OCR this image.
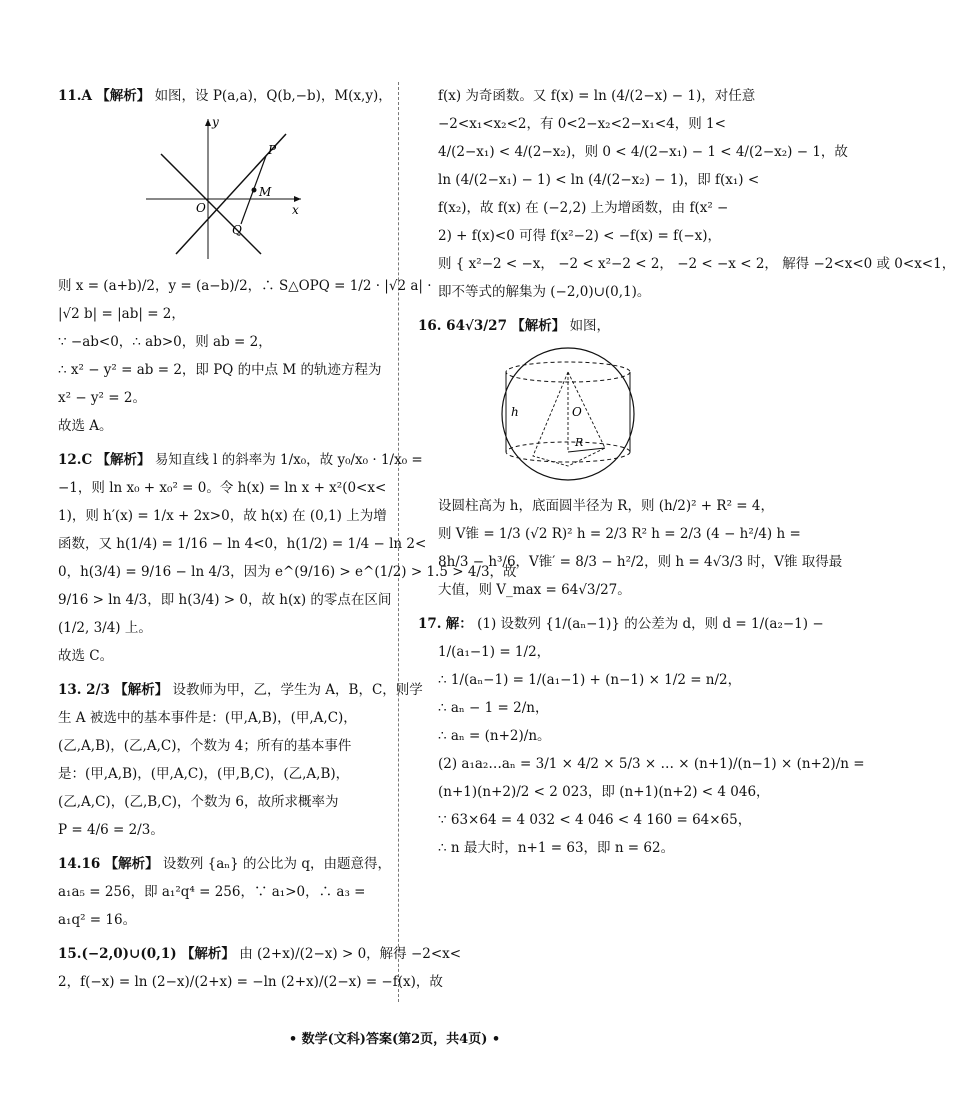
11.A 【解析】 如图，设 P(a,a)，Q(b,−b)，M(x,y)，
y
x
O
P
M
Q
则 x = (a+b)/2，y = (a−b)/2，∴ S△OPQ = 1/2 · |√2 a| ·
|√2 b| = |ab| = 2，
∵ −ab<0，∴ ab>0，则 ab = 2，
∴ x² − y² = ab = 2，即 PQ 的中点 M 的轨迹方程为
x² − y² = 2。
故选 A。
12.C 【解析】 易知直线 l 的斜率为 1/x₀，故 y₀/x₀ · 1/x₀ =
−1，则 ln x₀ + x₀² = 0。令 h(x) = ln x + x²(0<x<
1)，则 h′(x) = 1/x + 2x>0，故 h(x) 在 (0,1) 上为增
函数，又 h(1/4) = 1/16 − ln 4<0，h(1/2) = 1/4 − ln 2<
0，h(3/4) = 9/16 − ln 4/3，因为 e^(9/16) > e^(1/2) > 1.5 > 4/3，故
9/16 > ln 4/3，即 h(3/4) > 0，故 h(x) 的零点在区间
(1/2, 3/4) 上。
故选 C。
13. 2/3 【解析】 设教师为甲，乙，学生为 A，B，C，则学
生 A 被选中的基本事件是：(甲,A,B)，(甲,A,C)，
(乙,A,B)，(乙,A,C)，个数为 4；所有的基本事件
是：(甲,A,B)，(甲,A,C)，(甲,B,C)，(乙,A,B)，
(乙,A,C)，(乙,B,C)，个数为 6，故所求概率为
P = 4/6 = 2/3。
14.16 【解析】 设数列 {aₙ} 的公比为 q，由题意得，
a₁a₅ = 256，即 a₁²q⁴ = 256，∵ a₁>0，∴ a₃ =
a₁q² = 16。
15.(−2,0)∪(0,1) 【解析】 由 (2+x)/(2−x) > 0，解得 −2<x<
2，f(−x) = ln (2−x)/(2+x) = −ln (2+x)/(2−x) = −f(x)，故
f(x) 为奇函数。又 f(x) = ln (4/(2−x) − 1)，对任意
−2<x₁<x₂<2，有 0<2−x₂<2−x₁<4，则 1<
4/(2−x₁) < 4/(2−x₂)，则 0 < 4/(2−x₁) − 1 < 4/(2−x₂) − 1，故
ln (4/(2−x₁) − 1) < ln (4/(2−x₂) − 1)，即 f(x₁) <
f(x₂)，故 f(x) 在 (−2,2) 上为增函数，由 f(x² −
2) + f(x)<0 可得 f(x²−2) < −f(x) = f(−x)，
则 { x²−2 < −x， −2 < x²−2 < 2， −2 < −x < 2， 解得 −2<x<0 或 0<x<1，
即不等式的解集为 (−2,0)∪(0,1)。
16. 64√3/27 【解析】 如图，
h	O
R
设圆柱高为 h，底面圆半径为 R，则 (h/2)² + R² = 4，
则 V锥 = 1/3 (√2 R)² h = 2/3 R² h = 2/3 (4 − h²/4) h =
8h/3 − h³/6，V锥′ = 8/3 − h²/2，则 h = 4√3/3 时，V锥 取得最
大值，则 V_max = 64√3/27。
17. 解： (1) 设数列 {1/(aₙ−1)} 的公差为 d，则 d = 1/(a₂−1) −
1/(a₁−1) = 1/2，
∴ 1/(aₙ−1) = 1/(a₁−1) + (n−1) × 1/2 = n/2，
∴ aₙ − 1 = 2/n，
∴ aₙ = (n+2)/n。
(2) a₁a₂…aₙ = 3/1 × 4/2 × 5/3 × … × (n+1)/(n−1) × (n+2)/n =
(n+1)(n+2)/2 < 2 023，即 (n+1)(n+2) < 4 046，
∵ 63×64 = 4 032 < 4 046 < 4 160 = 64×65，
∴ n 最大时，n+1 = 63，即 n = 62。
• 数学(文科)答案(第2页，共4页) •
